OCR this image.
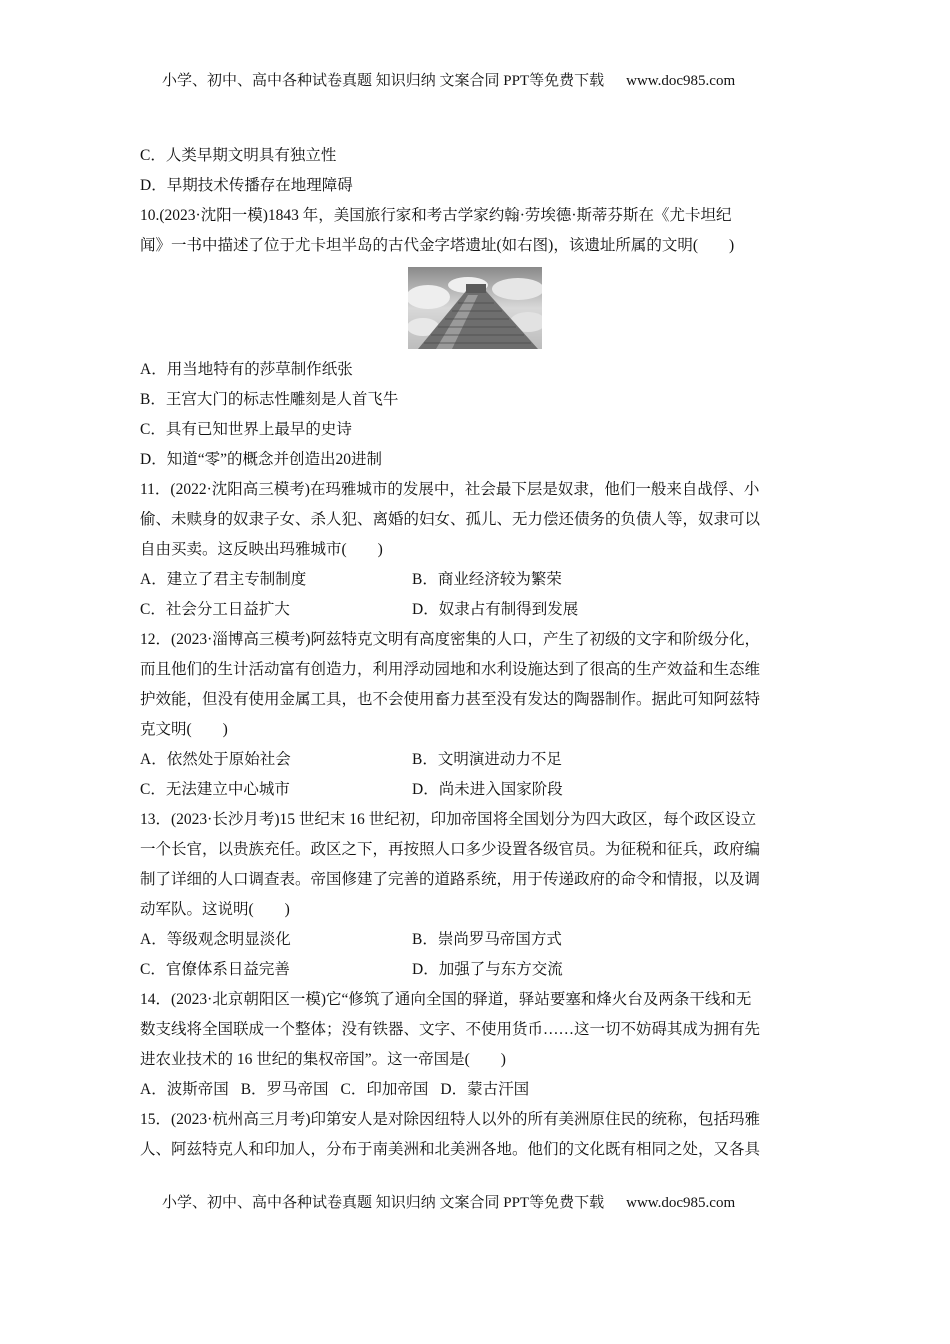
小学、初中、高中各种试卷真题 知识归纳 文案合同 PPT等免费下载 www.doc985.com
C．人类早期文明具有独立性
D．早期技术传播存在地理障碍
10.(2023·沈阳一模)1843 年，美国旅行家和考古学家约翰·劳埃德·斯蒂芬斯在《尤卡坦纪
闻》一书中描述了位于尤卡坦半岛的古代金字塔遗址(如右图)，该遗址所属的文明(　　)
A．用当地特有的莎草制作纸张
B．王宫大门的标志性雕刻是人首飞牛
C．具有已知世界上最早的史诗
D．知道“零”的概念并创造出20进制
11．(2022·沈阳高三模考)在玛雅城市的发展中，社会最下层是奴隶，他们一般来自战俘、小
偷、未赎身的奴隶子女、杀人犯、离婚的妇女、孤儿、无力偿还债务的负债人等，奴隶可以
自由买卖。这反映出玛雅城市(　　)
A．建立了君主专制制度	B．商业经济较为繁荣
C．社会分工日益扩大	D．奴隶占有制得到发展
12．(2023·淄博高三模考)阿兹特克文明有高度密集的人口，产生了初级的文字和阶级分化，
而且他们的生计活动富有创造力，利用浮动园地和水利设施达到了很高的生产效益和生态维
护效能，但没有使用金属工具，也不会使用畜力甚至没有发达的陶器制作。据此可知阿兹特
克文明(　　)
A．依然处于原始社会	B．文明演进动力不足
C．无法建立中心城市	D．尚未进入国家阶段
13．(2023·长沙月考)15 世纪末 16 世纪初，印加帝国将全国划分为四大政区，每个政区设立
一个长官，以贵族充任。政区之下，再按照人口多少设置各级官员。为征税和征兵，政府编
制了详细的人口调查表。帝国修建了完善的道路系统，用于传递政府的命令和情报，以及调
动军队。这说明(　　)
A．等级观念明显淡化	B．崇尚罗马帝国方式
C．官僚体系日益完善	D．加强了与东方交流
14．(2023·北京朝阳区一模)它“修筑了通向全国的驿道，驿站要塞和烽火台及两条干线和无
数支线将全国联成一个整体；没有铁器、文字、不使用货币……这一切不妨碍其成为拥有先
进农业技术的 16 世纪的集权帝国”。这一帝国是(　　)
A．波斯帝国 B．罗马帝国 C．印加帝国 D．蒙古汗国
15．(2023·杭州高三月考)印第安人是对除因纽特人以外的所有美洲原住民的统称，包括玛雅
人、阿兹特克人和印加人，分布于南美洲和北美洲各地。他们的文化既有相同之处，又各具
小学、初中、高中各种试卷真题 知识归纳 文案合同 PPT等免费下载 www.doc985.com
